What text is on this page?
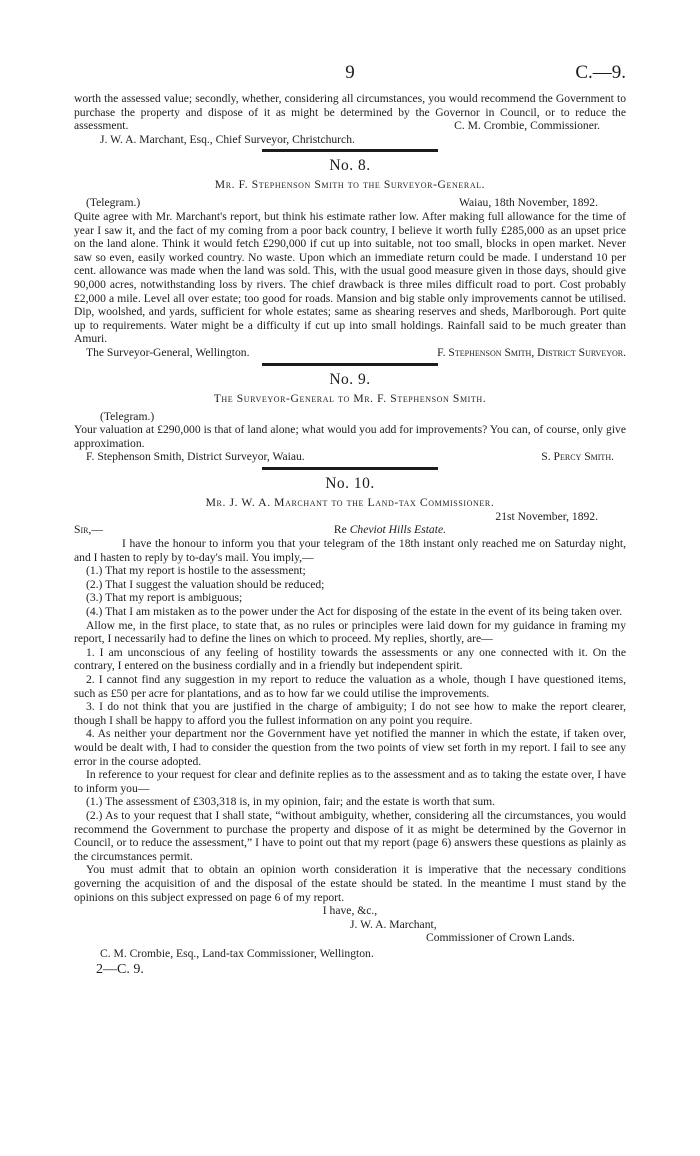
9	C.—9.

worth the assessed value; secondly, whether, considering all circumstances, you would recommend the Government to purchase the property and dispose of it as might be determined by the Governor in Council, or to reduce the assessment.	C. M. Crombie, Commissioner.

J. W. A. Marchant, Esq., Chief Surveyor, Christchurch.

No. 8.
Mr. F. Stephenson Smith to the Surveyor-General.
(Telegram.)	Waiau, 18th November, 1892.

Quite agree with Mr. Marchant's report, but think his estimate rather low. After making full allowance for the time of year I saw it, and the fact of my coming from a poor back country, I believe it worth fully £285,000 as an upset price on the land alone. Think it would fetch £290,000 if cut up into suitable, not too small, blocks in open market. Never saw so even, easily worked country. No waste. Upon which an immediate return could be made. I understand 10 per cent. allowance was made when the land was sold. This, with the usual good measure given in those days, should give 90,000 acres, notwithstanding loss by rivers. The chief drawback is three miles difficult road to port. Cost probably £2,000 a mile. Level all over estate; too good for roads. Mansion and big stable only improvements cannot be utilised. Dip, woolshed, and yards, sufficient for whole estates; same as shearing reserves and sheds, Marlborough. Port quite up to requirements. Water might be a difficulty if cut up into small holdings. Rainfall said to be much greater than Amuri.

The Surveyor-General, Wellington.	F. Stephenson Smith, District Surveyor.
No. 9.
The Surveyor-General to Mr. F. Stephenson Smith.

(Telegram.)

Your valuation at £290,000 is that of land alone; what would you add for improvements? You can, of course, only give approximation.

F. Stephenson Smith, District Surveyor, Waiau.	S. Percy Smith.
No. 10.
Mr. J. W. A. Marchant to the Land-tax Commissioner.
21st November, 1892.
Sir,—	Re Cheviot Hills Estate.

I have the honour to inform you that your telegram of the 18th instant only reached me on Saturday night, and I hasten to reply by to-day's mail. You imply,—

(1.) That my report is hostile to the assessment;

(2.) That I suggest the valuation should be reduced;

(3.) That my report is ambiguous;

(4.) That I am mistaken as to the power under the Act for disposing of the estate in the event of its being taken over.

Allow me, in the first place, to state that, as no rules or principles were laid down for my guidance in framing my report, I necessarily had to define the lines on which to proceed. My replies, shortly, are—

1. I am unconscious of any feeling of hostility towards the assessments or any one connected with it. On the contrary, I entered on the business cordially and in a friendly but independent spirit.

2. I cannot find any suggestion in my report to reduce the valuation as a whole, though I have questioned items, such as £50 per acre for plantations, and as to how far we could utilise the improvements.

3. I do not think that you are justified in the charge of ambiguity; I do not see how to make the report clearer, though I shall be happy to afford you the fullest information on any point you require.

4. As neither your department nor the Government have yet notified the manner in which the estate, if taken over, would be dealt with, I had to consider the question from the two points of view set forth in my report. I fail to see any error in the course adopted.

In reference to your request for clear and definite replies as to the assessment and as to taking the estate over, I have to inform you—

(1.) The assessment of £303,318 is, in my opinion, fair; and the estate is worth that sum.

(2.) As to your request that I shall state, “without ambiguity, whether, considering all the circumstances, you would recommend the Government to purchase the property and dispose of it as might be determined by the Governor in Council, or to reduce the assessment,” I have to point out that my report (page 6) answers these questions as plainly as the circumstances permit.

You must admit that to obtain an opinion worth consideration it is imperative that the necessary conditions governing the acquisition of and the disposal of the estate should be stated. In the meantime I must stand by the opinions on this subject expressed on page 6 of my report.

I have, &c.,
J. W. A. Marchant,
Commissioner of Crown Lands.

C. M. Crombie, Esq., Land-tax Commissioner, Wellington.

2—C. 9.
